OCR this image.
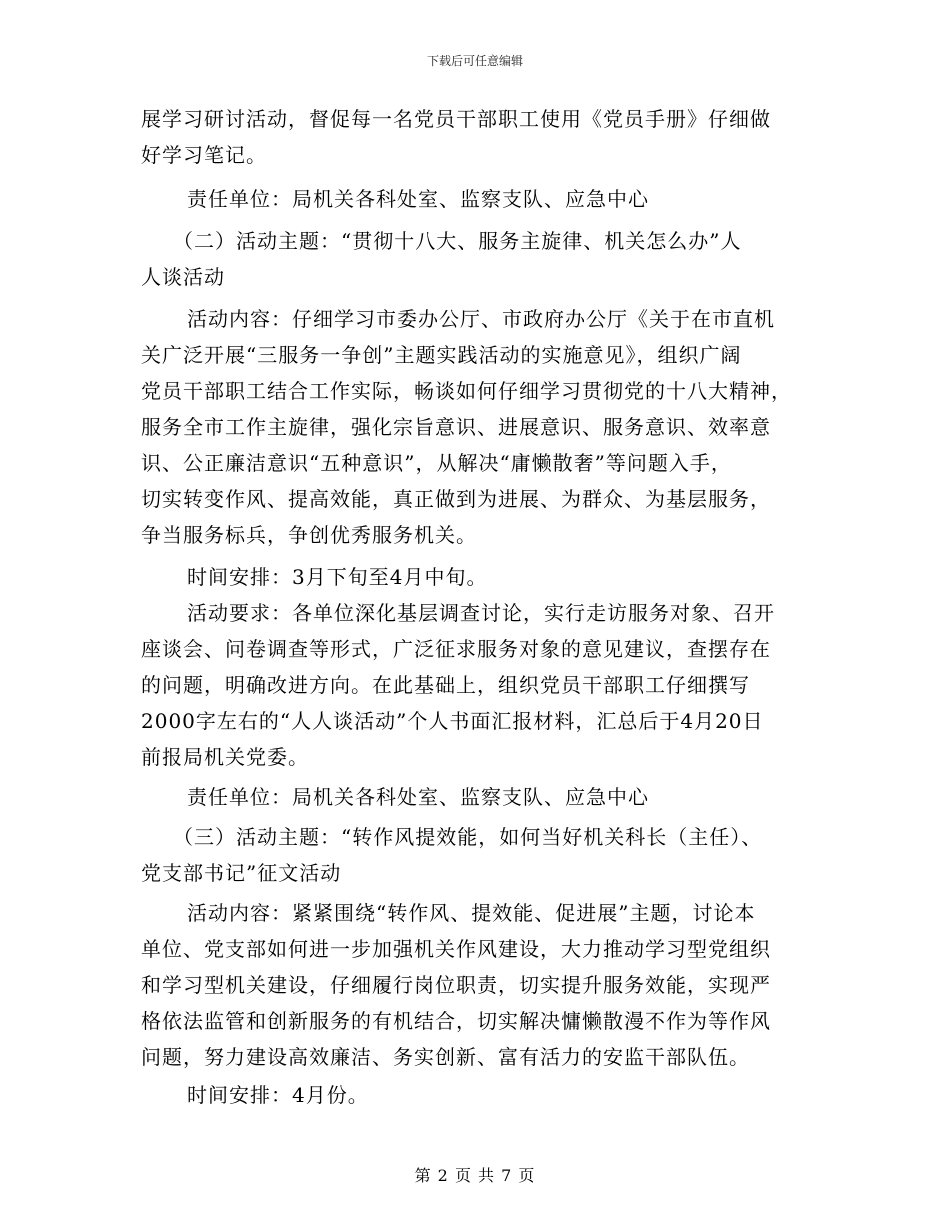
下载后可任意编辑
展学习研讨活动，督促每一名党员干部职工使用《党员手册》仔细做
好学习笔记。
责任单位：局机关各科处室、监察支队、应急中心
（二）活动主题：“贯彻十八大、服务主旋律、机关怎么办”人
人谈活动
活动内容：仔细学习市委办公厅、市政府办公厅《关于在市直机
关广泛开展“三服务一争创”主题实践活动的实施意见》，组织广阔
党员干部职工结合工作实际，畅谈如何仔细学习贯彻党的十八大精神，
服务全市工作主旋律，强化宗旨意识、进展意识、服务意识、效率意
识、公正廉洁意识“五种意识”，从解决“庸懒散奢”等问题入手，
切实转变作风、提高效能，真正做到为进展、为群众、为基层服务，
争当服务标兵，争创优秀服务机关。
时间安排：3月下旬至4月中旬。
活动要求：各单位深化基层调查讨论，实行走访服务对象、召开
座谈会、问卷调查等形式，广泛征求服务对象的意见建议，查摆存在
的问题，明确改进方向。在此基础上，组织党员干部职工仔细撰写
2000字左右的“人人谈活动”个人书面汇报材料，汇总后于4月20日
前报局机关党委。
责任单位：局机关各科处室、监察支队、应急中心
（三）活动主题：“转作风提效能，如何当好机关科长（主任）、
党支部书记”征文活动
活动内容：紧紧围绕“转作风、提效能、促进展”主题，讨论本
单位、党支部如何进一步加强机关作风建设，大力推动学习型党组织
和学习型机关建设，仔细履行岗位职责，切实提升服务效能，实现严
格依法监管和创新服务的有机结合，切实解决慵懒散漫不作为等作风
问题，努力建设高效廉洁、务实创新、富有活力的安监干部队伍。
时间安排：4月份。
第 2 页 共 7 页
